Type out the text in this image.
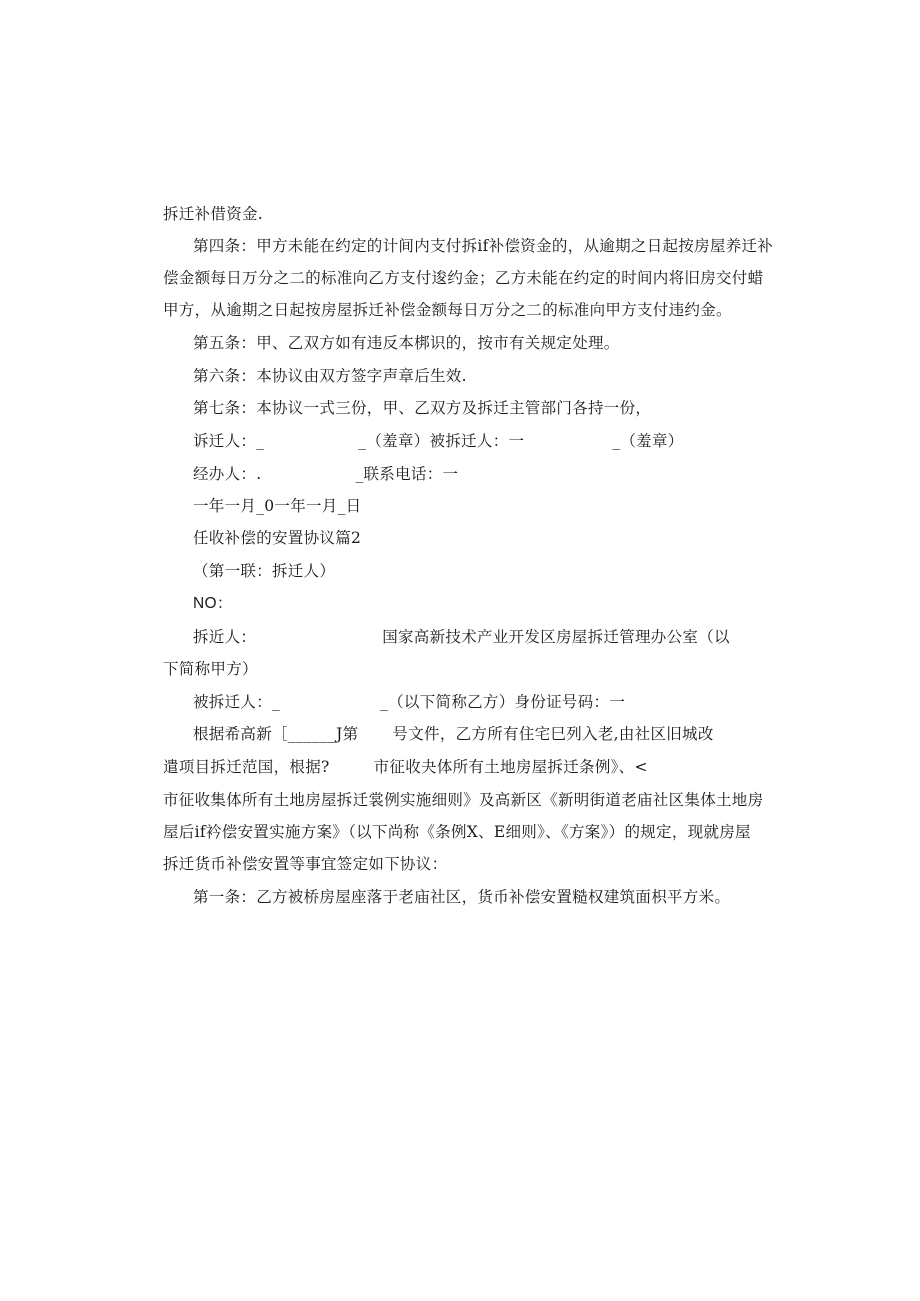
拆迁补借资金.
第四条：甲方未能在约定的计间内支付拆if补偿资金的，从逾期之日起按房屋养迁补
偿金额每日万分之二的标准向乙方支付逡约金；乙方未能在约定的时间内将旧房交付蜡
甲方，从逾期之日起按房屋拆迁补偿金额每日万分之二的标准向甲方支付违约金。
第五条：甲、乙双方如有违反本梆识的，按市有关规定处理。
第六条：本协议由双方签字声章后生效.
第七条：本协议一式三份，甲、乙双方及拆迁主管部门各持一份，
诉迁人：_	_（羞章）被拆迁人：一	_（羞章）
经办人：.	_联系电话：一
一年一月_0一年一月_日
任收补偿的安置协议篇2
（第一联：拆迁人）
NO：
拆近人：	国家高新技术产业开发区房屋拆迁管理办公室（以
下简称甲方）
被拆迁人：_	_（以下简称乙方）身份证号码：一
根据希高新［______J第 号文件，乙方所有住宅巳列入老,由社区旧城改
遣项目拆迁范国，根据?	市征收夬体所有土地房屋拆迁条例》、<
市征收集体所有土地房屋拆迁裳例实施细则》及高新区《新明街道老庙社区集体土地房
屋后if衿偿安置实施方案》（以下尚称《条例X、E细则》、《方案》）的规定，现就房屋
拆迁货币补偿安置等事宜签定如下协议：
第一条：乙方被桥房屋座落于老庙社区，货币补偿安置糙权建筑面枳平方米。
